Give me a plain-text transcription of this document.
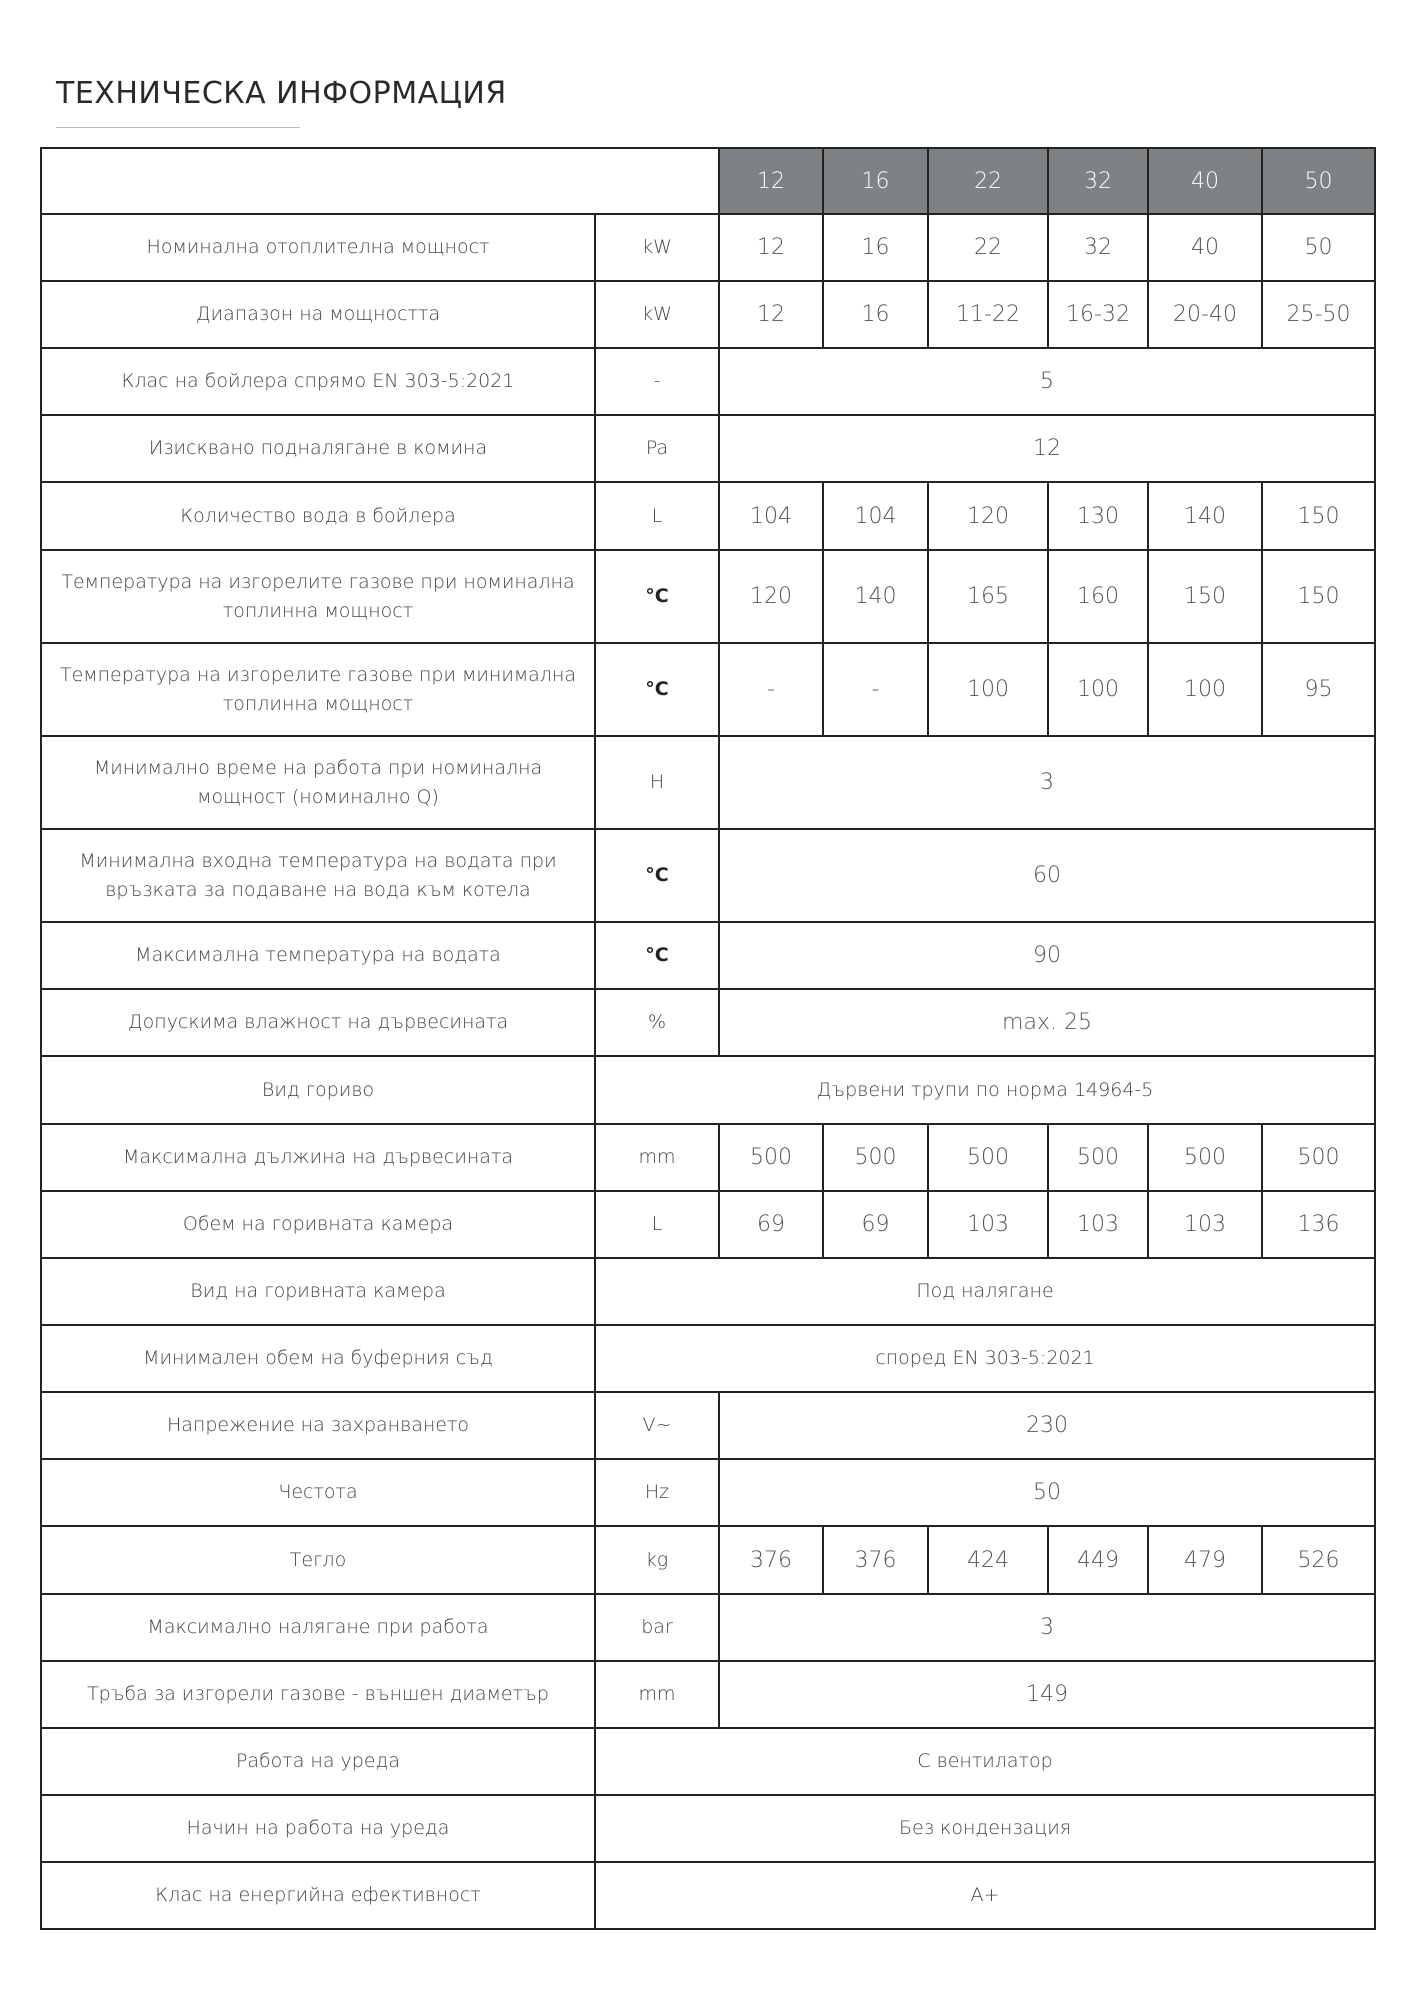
ТЕХНИЧЕСКА ИНФОРМАЦИЯ
		12	16	22	32	40	50
Номинална отоплителна мощност	kW	12	16	22	32	40	50
Диапазон на мощността	kW	12	16	11-22	16-32	20-40	25-50
Клас на бойлера спрямо EN 303-5:2021	-	5					
Изисквано подналягане в комина	Pa	12					
Количество вода в бойлера	L	104	104	120	130	140	150
Температура на изгорелите газове при номинална топлинна мощност	°C	120	140	165	160	150	150
Температура на изгорелите газове при минимална топлинна мощност	°C	-	-	100	100	100	95
Минимално време на работа при номинална мощност (номинално Q)	H	3					
Минимална входна температура на водата при връзката за подаване на вода към котела	°C	60					
Максимална температура на водата	°C	90					
Допускима влажност на дървесината	%	max. 25					
Вид гориво	Дървени трупи по норма 14964-5						
Максимална дължина на дървесината	mm	500	500	500	500	500	500
Обем на горивната камера	L	69	69	103	103	103	136
Вид на горивната камера	Под налягане						
Минимален обем на буферния съд	според EN 303-5:2021						
Напрежение на захранването	V~	230					
Честота	Hz	50					
Тегло	kg	376	376	424	449	479	526
Максимално налягане при работа	bar	3					
Тръба за изгорели газове - външен диаметър	mm	149					
Работа на уреда	С вентилатор						
Начин на работа на уреда	Без кондензация						
Клас на енергийна ефективност	A+						
